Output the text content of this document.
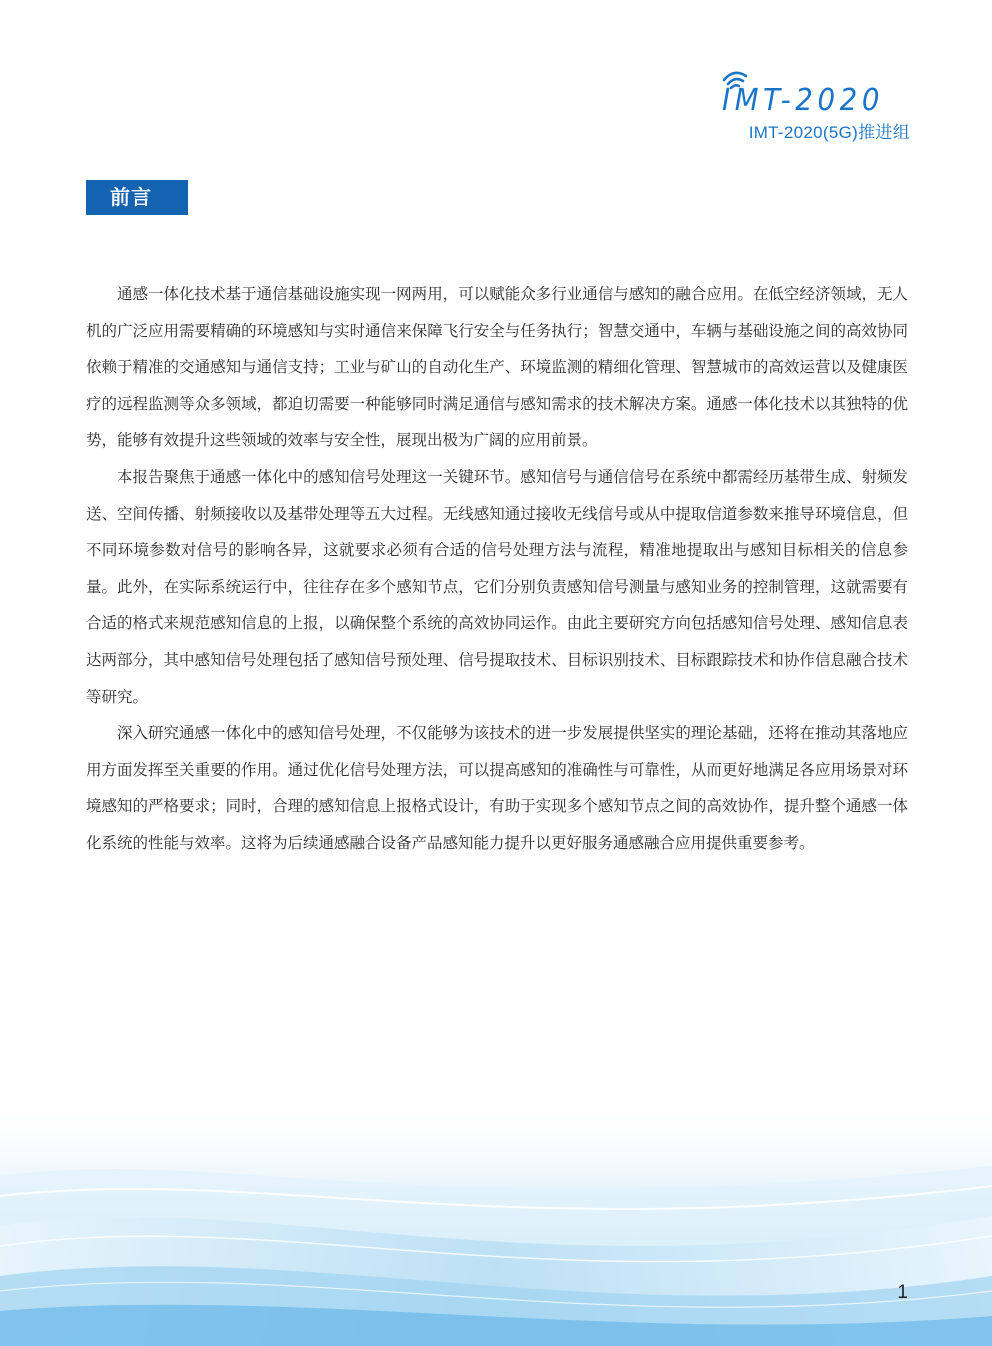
IMT-2020
IMT-2020(5G)推进组
前言

通感一体化技术基于通信基础设施实现一网两用，可以赋能众多行业通信与感知的融合应用。在低空经济领域，无人机的广泛应用需要精确的环境感知与实时通信来保障飞行安全与任务执行；智慧交通中，车辆与基础设施之间的高效协同依赖于精准的交通感知与通信支持；工业与矿山的自动化生产、环境监测的精细化管理、智慧城市的高效运营以及健康医疗的远程监测等众多领域，都迫切需要一种能够同时满足通信与感知需求的技术解决方案。通感一体化技术以其独特的优势，能够有效提升这些领域的效率与安全性，展现出极为广阔的应用前景。

本报告聚焦于通感一体化中的感知信号处理这一关键环节。感知信号与通信信号在系统中都需经历基带生成、射频发送、空间传播、射频接收以及基带处理等五大过程。无线感知通过接收无线信号或从中提取信道参数来推导环境信息，但不同环境参数对信号的影响各异，这就要求必须有合适的信号处理方法与流程，精准地提取出与感知目标相关的信息参量。此外，在实际系统运行中，往往存在多个感知节点，它们分别负责感知信号测量与感知业务的控制管理，这就需要有合适的格式来规范感知信息的上报，以确保整个系统的高效协同运作。由此主要研究方向包括感知信号处理、感知信息表达两部分，其中感知信号处理包括了感知信号预处理、信号提取技术、目标识别技术、目标跟踪技术和协作信息融合技术等研究。

深入研究通感一体化中的感知信号处理，不仅能够为该技术的进一步发展提供坚实的理论基础，还将在推动其落地应用方面发挥至关重要的作用。通过优化信号处理方法，可以提高感知的准确性与可靠性，从而更好地满足各应用场景对环境感知的严格要求；同时，合理的感知信息上报格式设计，有助于实现多个感知节点之间的高效协作，提升整个通感一体化系统的性能与效率。这将为后续通感融合设备产品感知能力提升以更好服务通感融合应用提供重要参考。

1
